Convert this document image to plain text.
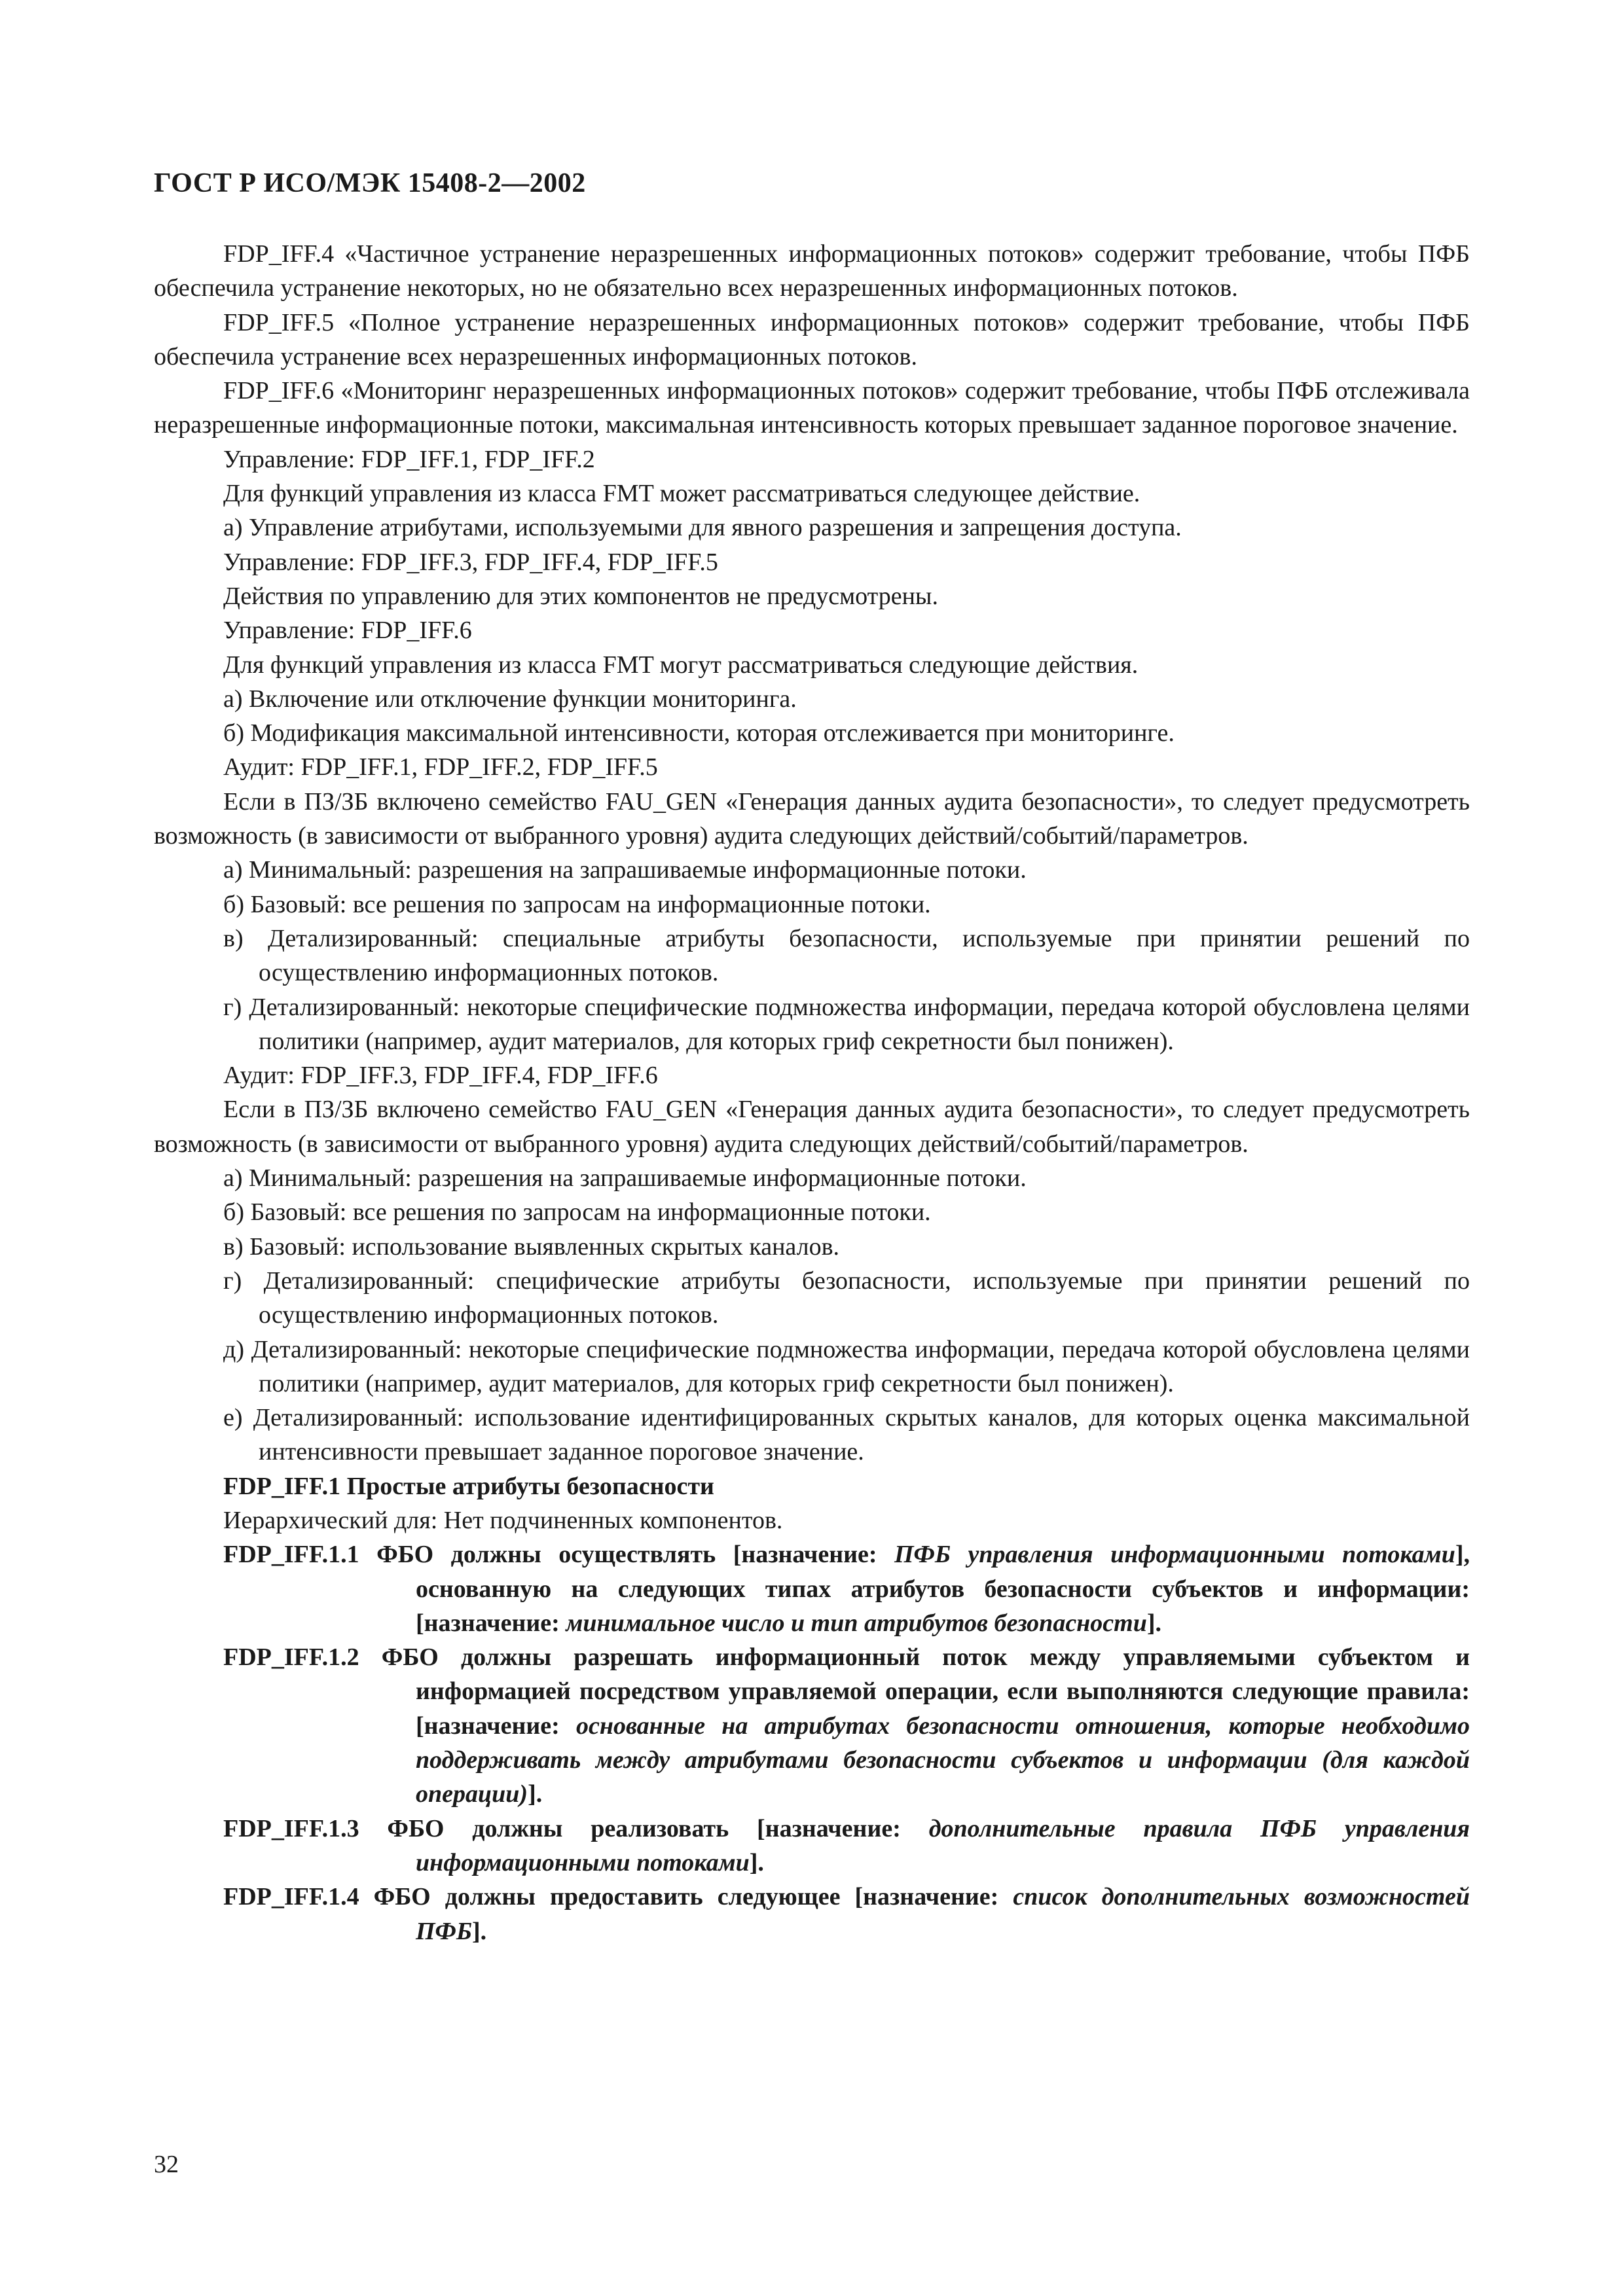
ГОСТ Р ИСО/МЭК 15408-2—2002

FDP_IFF.4 «Частичное устранение неразрешенных информационных потоков» содержит требование, чтобы ПФБ обеспечила устранение некоторых, но не обязательно всех неразрешенных информационных потоков.

FDP_IFF.5 «Полное устранение неразрешенных информационных потоков» содержит требование, чтобы ПФБ обеспечила устранение всех неразрешенных информационных потоков.

FDP_IFF.6 «Мониторинг неразрешенных информационных потоков» содержит требование, чтобы ПФБ отслеживала неразрешенные информационные потоки, максимальная интенсивность которых превышает заданное пороговое значение.

Управление: FDP_IFF.1, FDP_IFF.2

Для функций управления из класса FMT может рассматриваться следующее действие.

а) Управление атрибутами, используемыми для явного разрешения и запрещения доступа.

Управление: FDP_IFF.3, FDP_IFF.4, FDP_IFF.5

Действия по управлению для этих компонентов не предусмотрены.

Управление: FDP_IFF.6

Для функций управления из класса FMT могут рассматриваться следующие действия.

а) Включение или отключение функции мониторинга.

б) Модификация максимальной интенсивности, которая отслеживается при мониторинге.

Аудит: FDP_IFF.1, FDP_IFF.2, FDP_IFF.5

Если в ПЗ/ЗБ включено семейство FAU_GEN «Генерация данных аудита безопасности», то следует предусмотреть возможность (в зависимости от выбранного уровня) аудита следующих действий/событий/параметров.

а) Минимальный: разрешения на запрашиваемые информационные потоки.

б) Базовый: все решения по запросам на информационные потоки.

в) Детализированный: специальные атрибуты безопасности, используемые при принятии решений по осуществлению информационных потоков.

г) Детализированный: некоторые специфические подмножества информации, передача которой обусловлена целями политики (например, аудит материалов, для которых гриф секретности был понижен).

Аудит: FDP_IFF.3, FDP_IFF.4, FDP_IFF.6

Если в ПЗ/ЗБ включено семейство FAU_GEN «Генерация данных аудита безопасности», то следует предусмотреть возможность (в зависимости от выбранного уровня) аудита следующих действий/событий/параметров.

а) Минимальный: разрешения на запрашиваемые информационные потоки.

б) Базовый: все решения по запросам на информационные потоки.

в) Базовый: использование выявленных скрытых каналов.

г) Детализированный: специфические атрибуты безопасности, используемые при принятии решений по осуществлению информационных потоков.

д) Детализированный: некоторые специфические подмножества информации, передача которой обусловлена целями политики (например, аудит материалов, для которых гриф секретности был понижен).

е) Детализированный: использование идентифицированных скрытых каналов, для которых оценка максимальной интенсивности превышает заданное пороговое значение.

FDP_IFF.1 Простые атрибуты безопасности

Иерархический для: Нет подчиненных компонентов.

FDP_IFF.1.1 ФБО должны осуществлять [назначение: ПФБ управления информационными потоками], основанную на следующих типах атрибутов безопасности субъектов и информации: [назначение: минимальное число и тип атрибутов безопасности].

FDP_IFF.1.2 ФБО должны разрешать информационный поток между управляемыми субъектом и информацией посредством управляемой операции, если выполняются следующие правила: [назначение: основанные на атрибутах безопасности отношения, которые необходимо поддерживать между атрибутами безопасности субъектов и информации (для каждой операции)].

FDP_IFF.1.3 ФБО должны реализовать [назначение: дополнительные правила ПФБ управления информационными потоками].

FDP_IFF.1.4 ФБО должны предоставить следующее [назначение: список дополнительных возможностей ПФБ].

32
